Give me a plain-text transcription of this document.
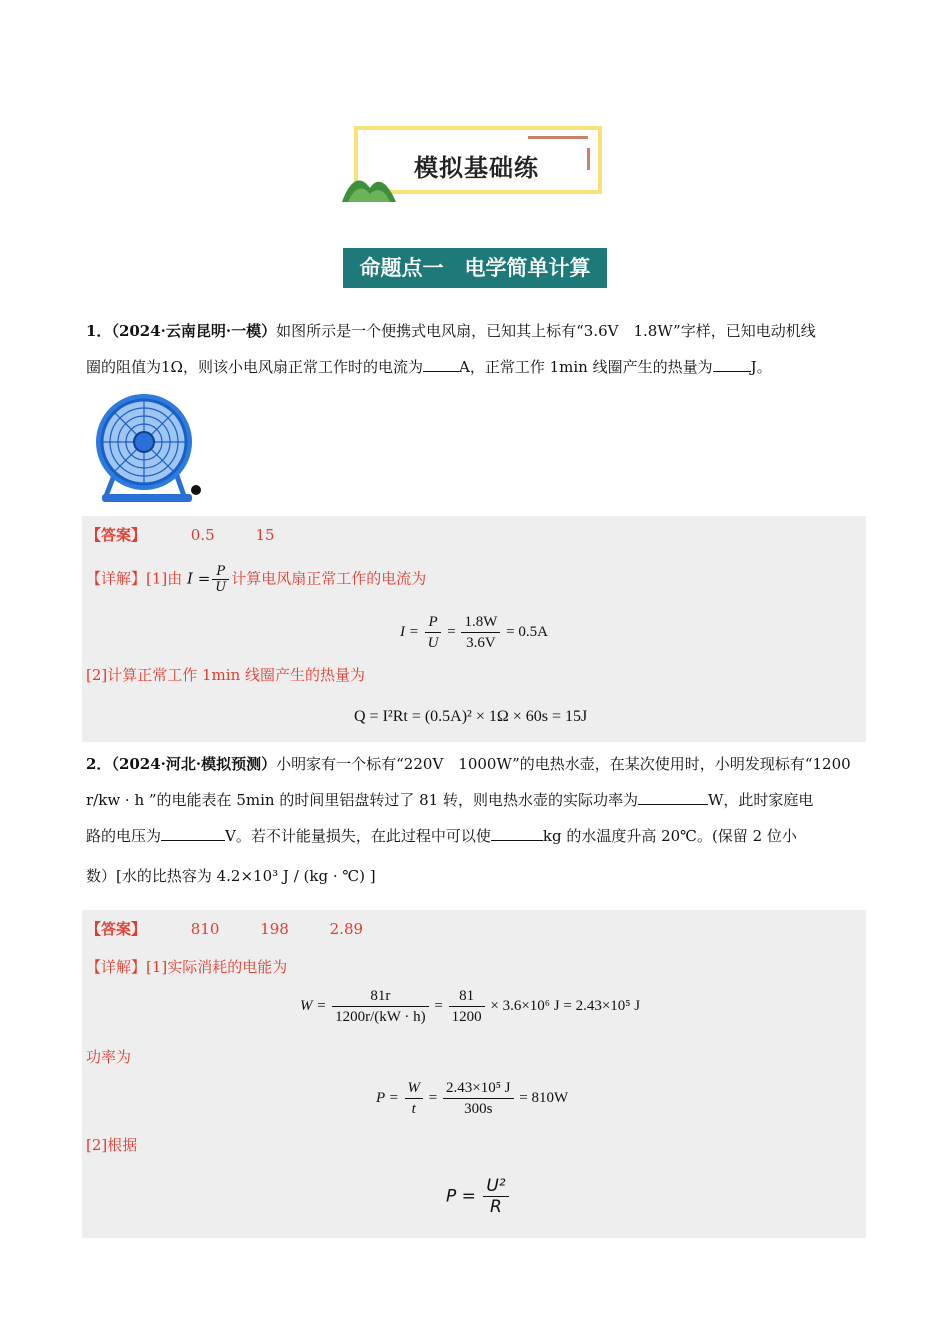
模拟基础练
命题点一　电学简单计算
1．（2024·云南昆明·一模）如图所示是一个便携式电风扇，已知其上标有“3.6V　1.8W”字样，已知电动机线
圈的阻值为1Ω，则该小电风扇正常工作时的电流为 A，正常工作 1min 线圈产生的热量为	J。
【答案】	0.5	15
【详解】[1]由 $I = \frac{P}{U}$ 计算电风扇正常工作的电流为
$I = \frac{P}{U} = \frac{1.8W}{3.6V} = 0.5A$
[2]计算正常工作 1min 线圈产生的热量为
Q = I²Rt = (0.5A)² × 1Ω × 60s = 15J
2．（2024·河北·模拟预测）小明家有一个标有“220V　1000W”的电热水壶，在某次使用时，小明发现标有“1200
r/kw · h ”的电能表在 5min 的时间里铝盘转过了 81 转，则电热水壶的实际功率为	W，此时家庭电
路的电压为	V。若不计能量损失，在此过程中可以使	kg 的水温度升高 20℃。(保留 2 位小
数）[水的比热容为 4.2×10³ J / (kg · ℃) ]
【答案】	810	198	2.89
【详解】[1]实际消耗的电能为
$W = \frac{81r}{1200r/(kW \cdot h)} = \frac{81}{1200} \times 3.6\times 10^6$ J = 2.43×10⁵ J
功率为
$P = \frac{W}{t} = \frac{\text{2.43×10⁵ J}}{300s} = 810W$
[2]根据
$P = \frac{\text{U²}}{R}$
